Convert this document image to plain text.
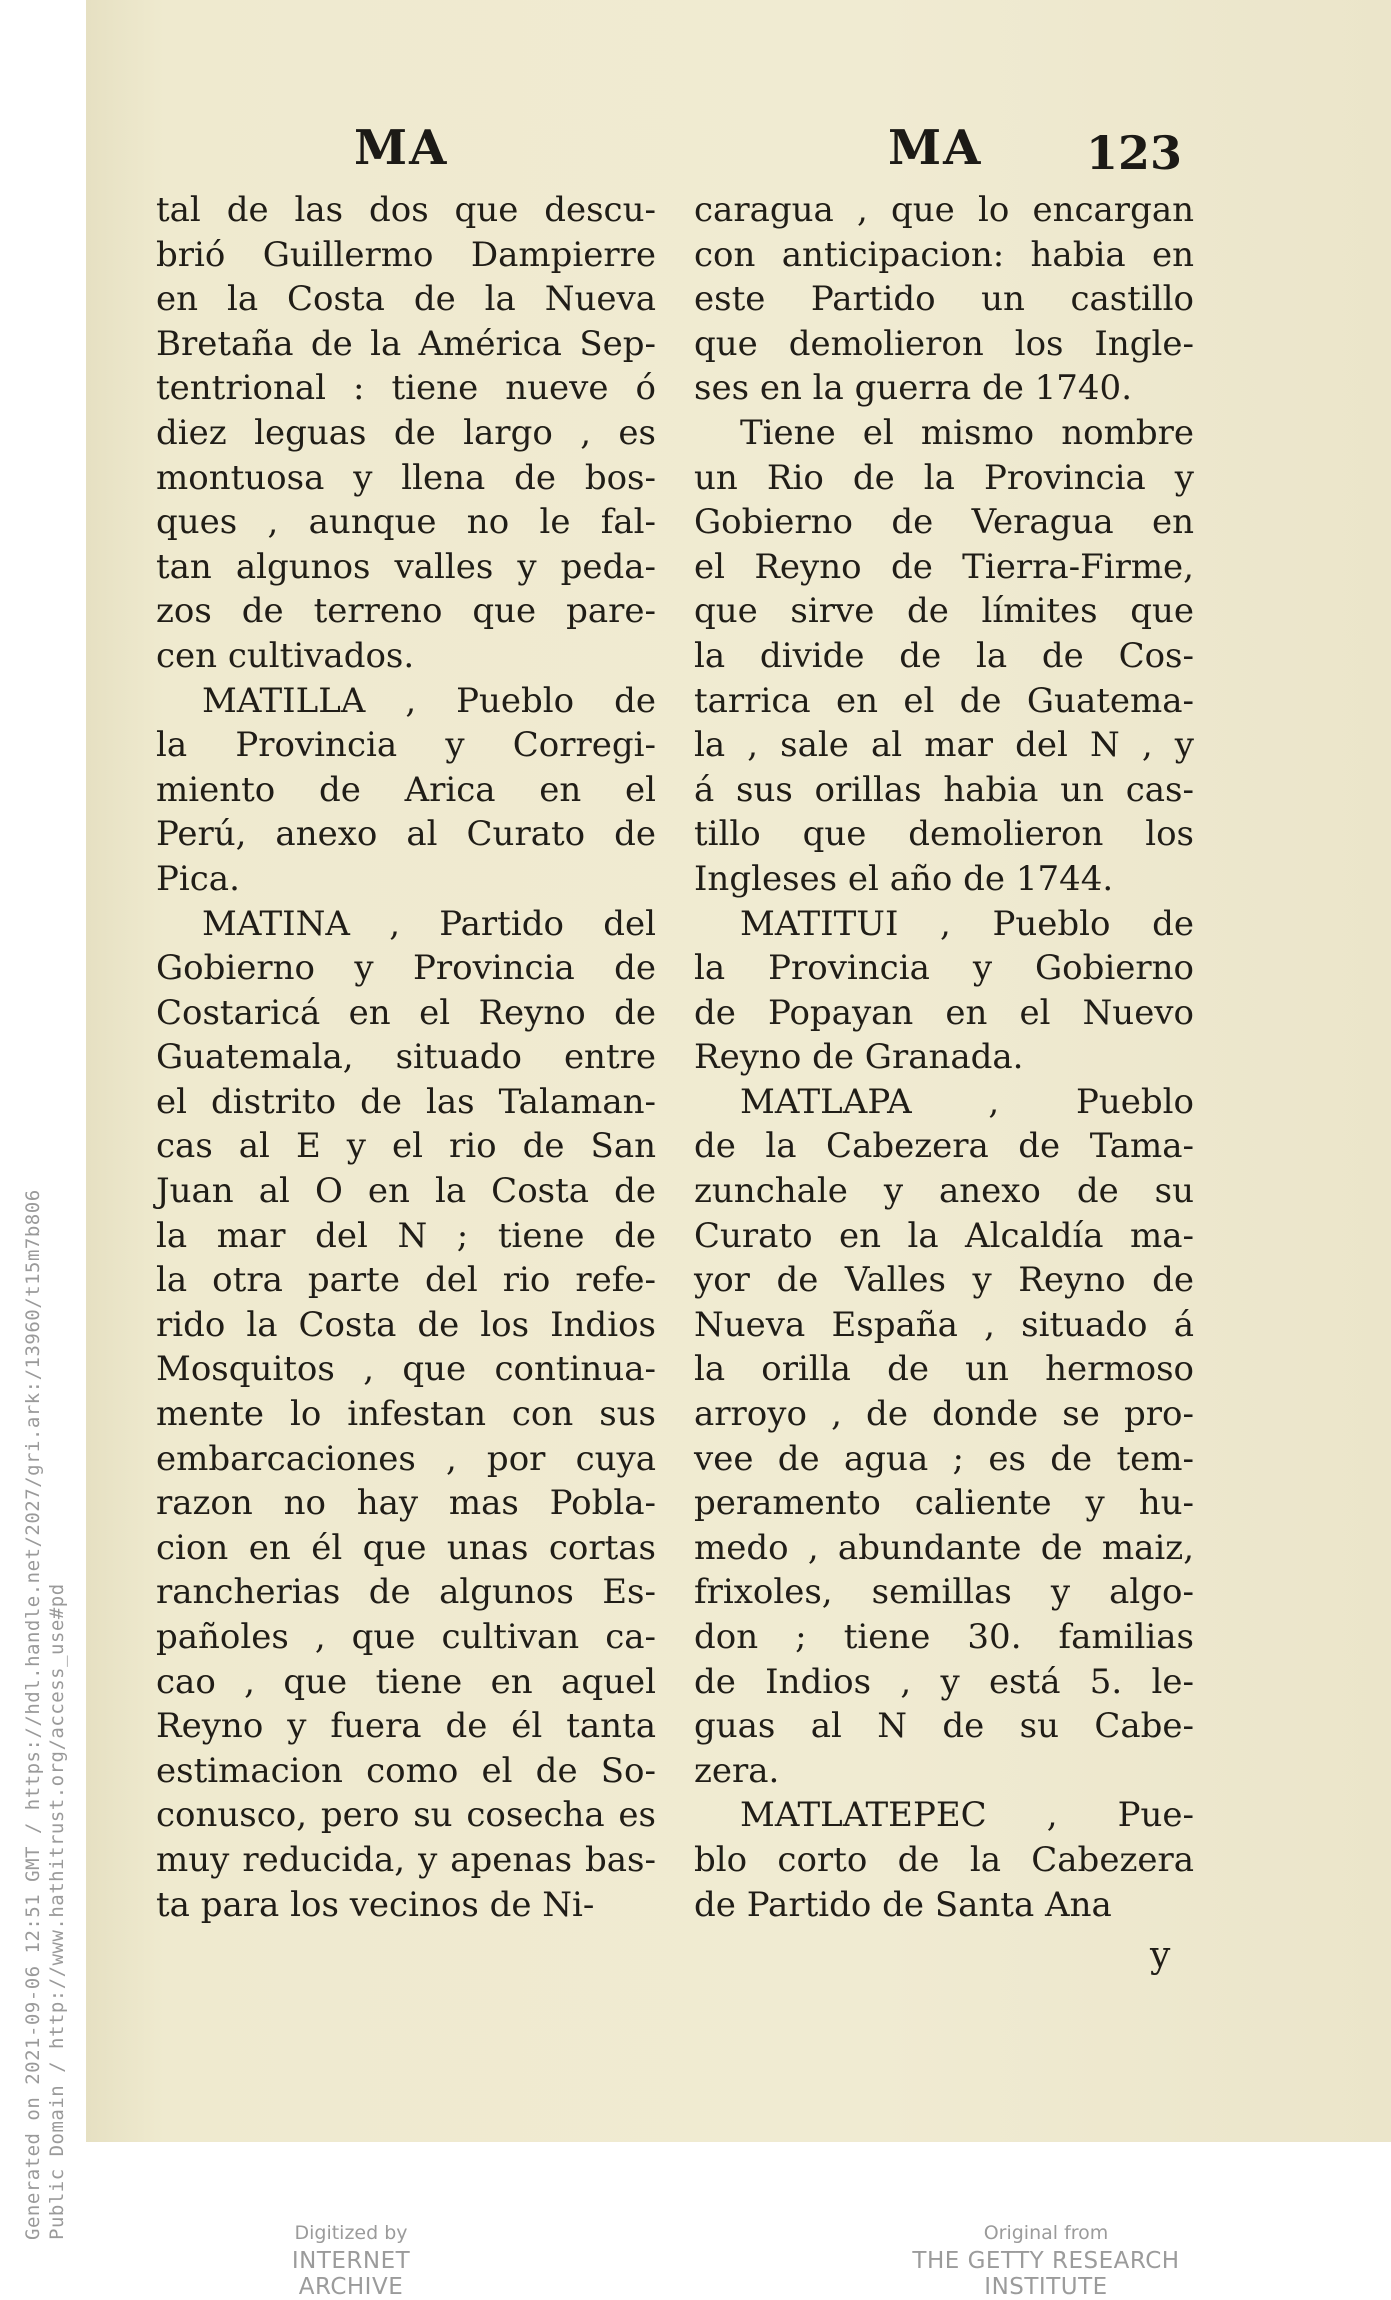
Generated on 2021-09-06 12:51 GMT / https://hdl.handle.net/2027/gri.ark:/13960/t15m7b806 Public Domain / http://www.hathitrust.org/access_use#pd
MA	MA 123
tal de las dos que descu-
brió Guillermo Dampierre
en la Costa de la Nueva
Bretaña de la América Sep-
tentrional : tiene nueve ó
diez leguas de largo , es
montuosa y llena de bos-
ques , aunque no le fal-
tan algunos valles y peda-
zos de terreno que pare-
cen cultivados.
MATILLA , Pueblo de
la Provincia y Corregi-
miento de Arica en el
Perú, anexo al Curato de
Pica.
MATINA , Partido del
Gobierno y Provincia de
Costaricá en el Reyno de
Guatemala, situado entre
el distrito de las Talaman-
cas al E y el rio de San
Juan al O en la Costa de
la mar del N ; tiene de
la otra parte del rio refe-
rido la Costa de los Indios
Mosquitos , que continua-
mente lo infestan con sus
embarcaciones , por cuya
razon no hay mas Pobla-
cion en él que unas cortas
rancherias de algunos Es-
pañoles , que cultivan ca-
cao , que tiene en aquel
Reyno y fuera de él tanta
estimacion como el de So-
conusco, pero su cosecha es
muy reducida, y apenas bas-
ta para los vecinos de Ni-
caragua , que lo encargan
con anticipacion: habia en
este Partido un castillo
que demolieron los Ingle-
ses en la guerra de 1740.
Tiene el mismo nombre
un Rio de la Provincia y
Gobierno de Veragua en
el Reyno de Tierra-Firme,
que sirve de límites que
la divide de la de Cos-
tarrica en el de Guatema-
la , sale al mar del N , y
á sus orillas habia un cas-
tillo que demolieron los
Ingleses el año de 1744.
MATITUI , Pueblo de
la Provincia y Gobierno
de Popayan en el Nuevo
Reyno de Granada.
MATLAPA , Pueblo
de la Cabezera de Tama-
zunchale y anexo de su
Curato en la Alcaldía ma-
yor de Valles y Reyno de
Nueva España , situado á
la orilla de un hermoso
arroyo , de donde se pro-
vee de agua ; es de tem-
peramento caliente y hu-
medo , abundante de maiz,
frixoles, semillas y algo-
don ; tiene 30. familias
de Indios , y está 5. le-
guas al N de su Cabe-
zera.
MATLATEPEC , Pue-
blo corto de la Cabezera
de Partido de Santa Ana
y
Digitized by
INTERNET ARCHIVE
Original from
THE GETTY RESEARCH INSTITUTE
